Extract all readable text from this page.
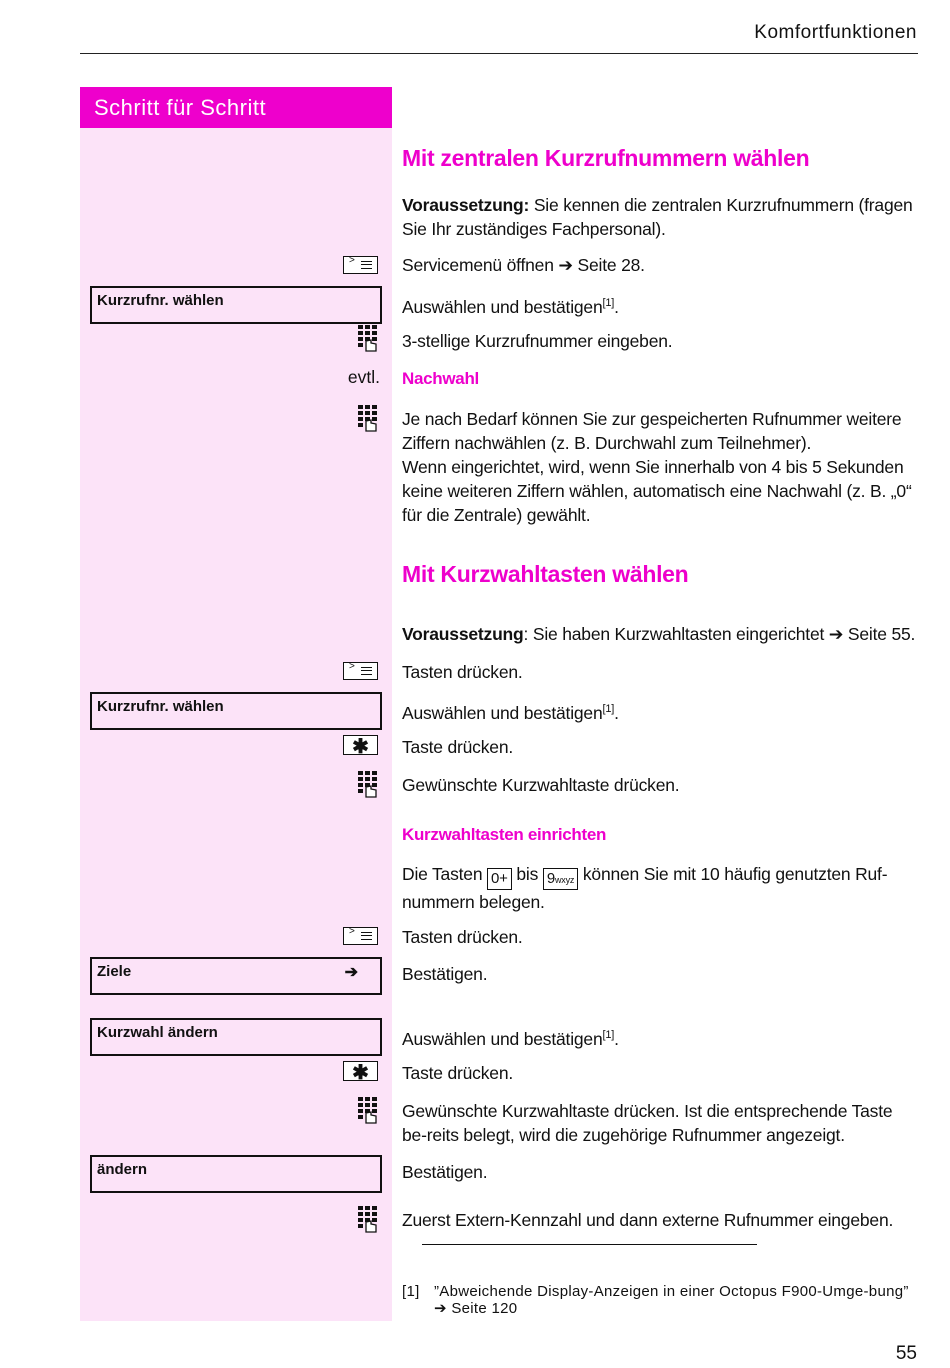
Komfortfunktionen
Schritt für Schritt
Mit zentralen Kurzrufnummern wählen
Voraussetzung: Sie kennen die zentralen Kurzrufnummern (fragen Sie Ihr zuständiges Fachpersonal).
>	Servicemenü öffnen ➔ Seite 28.
Kurzrufnr. wählen	Auswählen und bestätigen[1].
3-stellige Kurzrufnummer eingeben.
evtl. Nachwahl
Je nach Bedarf können Sie zur gespeicherten Rufnummer weitere Ziffern nachwählen (z. B. Durchwahl zum Teilnehmer).
Wenn eingerichtet, wird, wenn Sie innerhalb von 4 bis 5 Sekunden keine weiteren Ziffern wählen, automatisch eine Nachwahl (z. B. „0“ für die Zentrale) gewählt.
Mit Kurzwahltasten wählen
Voraussetzung: Sie haben Kurzwahltasten eingerichtet ➔ Seite 55.
>	Tasten drücken.
Kurzrufnr. wählen	Auswählen und bestätigen[1].
✱	Taste drücken.
Gewünschte Kurzwahltaste drücken.
Kurzwahltasten einrichten
Die Tasten 0+ bis 9wxyz können Sie mit 10 häufig genutzten Ruf-nummern belegen.
>	Tasten drücken.
Ziele	➔	Bestätigen.
Kurzwahl ändern	Auswählen und bestätigen[1].
✱	Taste drücken.
Gewünschte Kurzwahltaste drücken. Ist die entsprechende Taste be-reits belegt, wird die zugehörige Rufnummer angezeigt.
ändern	Bestätigen.
Zuerst Extern-Kennzahl und dann externe Rufnummer eingeben.
[1] ”Abweichende Display-Anzeigen in einer Octopus F900-Umge-bung” ➔ Seite 120
55
